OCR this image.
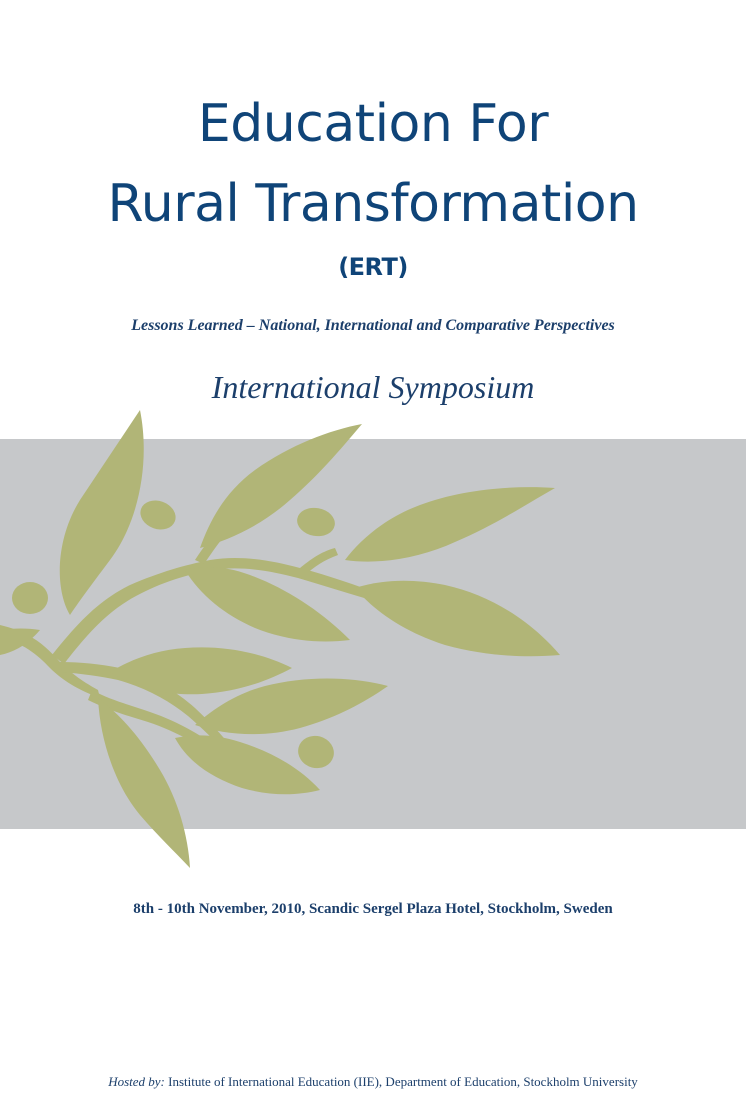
Education For
Rural Transformation
(ERT)
Lessons Learned – National, International and Comparative Perspectives
International Symposium
8th - 10th November, 2010, Scandic Sergel Plaza Hotel, Stockholm, Sweden
Hosted by: Institute of International Education (IIE), Department of Education, Stockholm University
